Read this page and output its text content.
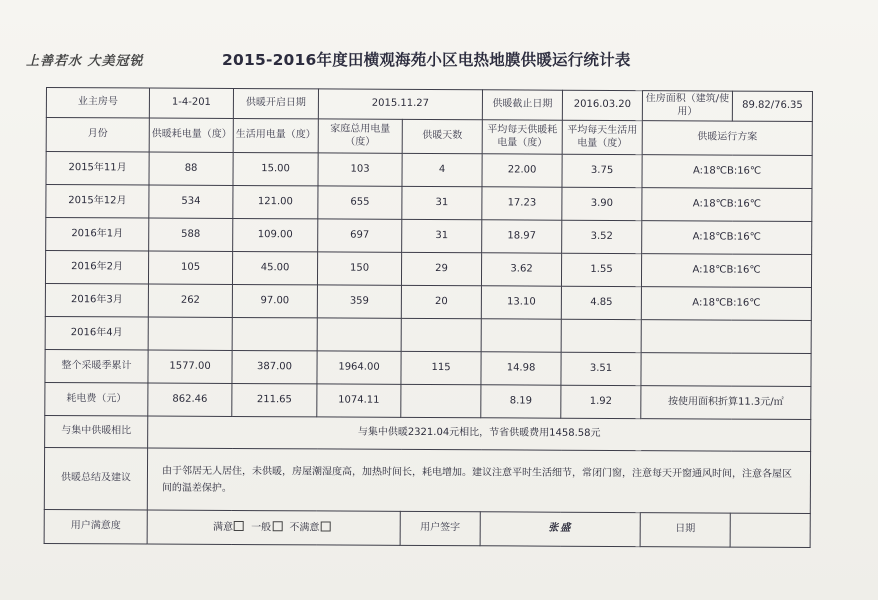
上善若水 大美冠锐	2015-2016年度田横观海苑小区电热地膜供暖运行统计表
业主房号	1-4-201	供暖开启日期	2015.11.27		供暖截止日期	2016.03.20	住房面积（建筑/使用）	89.82/76.35
月份	供暖耗电量（度）	生活用电量（度）	家庭总用电量（度）	供暖天数	平均每天供暖耗电量（度）	平均每天生活用电量（度）	供暖运行方案	
2015年11月	88	15.00	103	4	22.00	3.75	A:18℃B:16℃	
2015年12月	534	121.00	655	31	17.23	3.90	A:18℃B:16℃	
2016年1月	588	109.00	697	31	18.97	3.52	A:18℃B:16℃	
2016年2月	105	45.00	150	29	3.62	1.55	A:18℃B:16℃	
2016年3月	262	97.00	359	20	13.10	4.85	A:18℃B:16℃	
2016年4月								
整个采暖季累计	1577.00	387.00	1964.00	115	14.98	3.51		
耗电费（元）	862.46	211.65	1074.11		8.19	1.92	按使用面积折算11.3元/㎡	
与集中供暖相比	与集中供暖2321.04元相比，节省供暖费用1458.58元							
供暖总结及建议	由于邻居无人居住，未供暖，房屋潮湿度高，加热时间长，耗电增加。建议注意平时生活细节，常闭门窗，注意每天开窗通风时间，注意各屋区间的温差保护。							
用户满意度	满意 一般 不满意			用户签字	张盛		日期	
